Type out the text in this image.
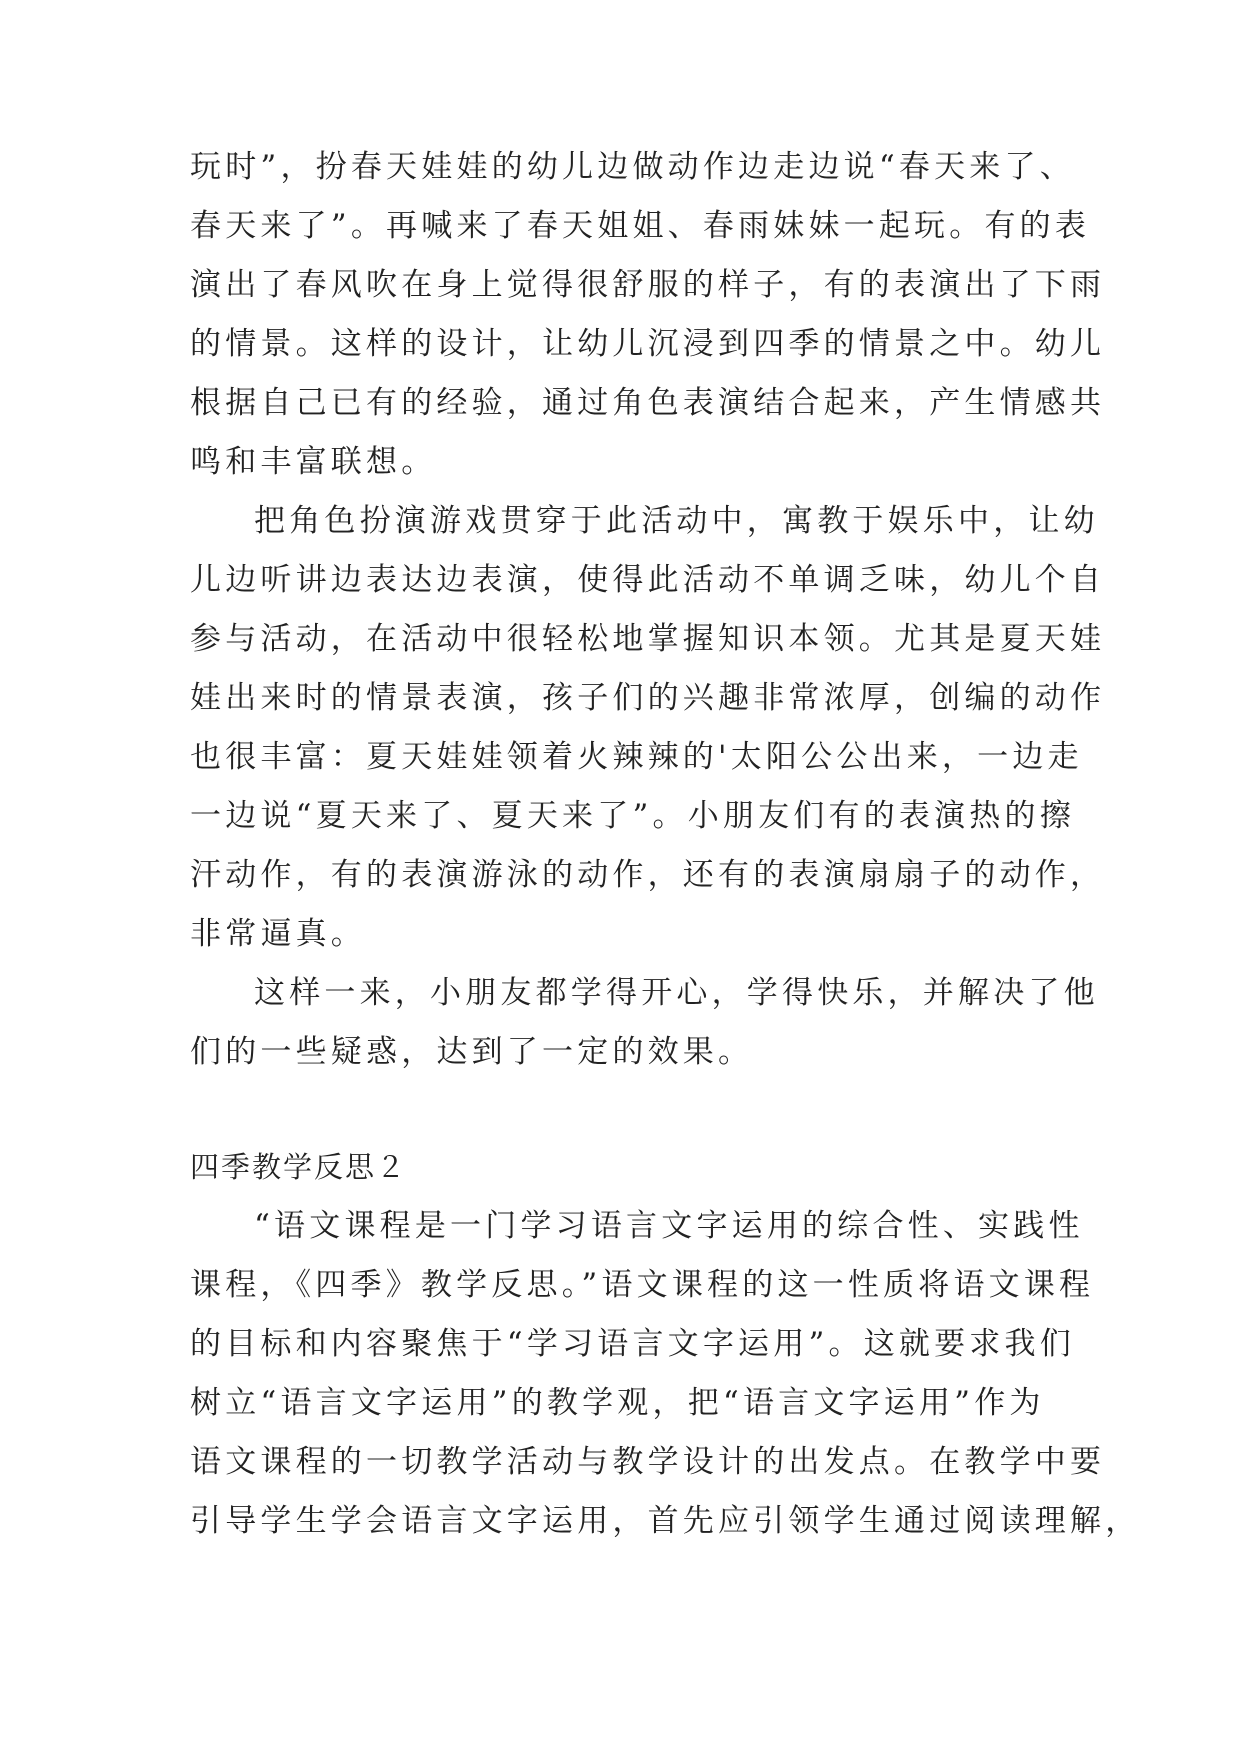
玩时”，扮春天娃娃的幼儿边做动作边走边说“春天来了、
春天来了”。再喊来了春天姐姐、春雨妹妹一起玩。有的表
演出了春风吹在身上觉得很舒服的样子，有的表演出了下雨
的情景。这样的设计，让幼儿沉浸到四季的情景之中。幼儿
根据自己已有的经验，通过角色表演结合起来，产生情感共
鸣和丰富联想。
把角色扮演游戏贯穿于此活动中，寓教于娱乐中，让幼
儿边听讲边表达边表演，使得此活动不单调乏味，幼儿个自
参与活动，在活动中很轻松地掌握知识本领。尤其是夏天娃
娃出来时的情景表演，孩子们的兴趣非常浓厚，创编的动作
也很丰富：夏天娃娃领着火辣辣的'太阳公公出来，一边走
一边说“夏天来了、夏天来了”。小朋友们有的表演热的擦
汗动作，有的表演游泳的动作，还有的表演扇扇子的动作，
非常逼真。
这样一来，小朋友都学得开心，学得快乐，并解决了他
们的一些疑惑，达到了一定的效果。
四季教学反思２
“语文课程是一门学习语言文字运用的综合性、实践性
课程，《四季》教学反思。”语文课程的这一性质将语文课程
的目标和内容聚焦于“学习语言文字运用”。这就要求我们
树立“语言文字运用”的教学观，把“语言文字运用”作为
语文课程的一切教学活动与教学设计的出发点。在教学中要
引导学生学会语言文字运用，首先应引领学生通过阅读理解，
